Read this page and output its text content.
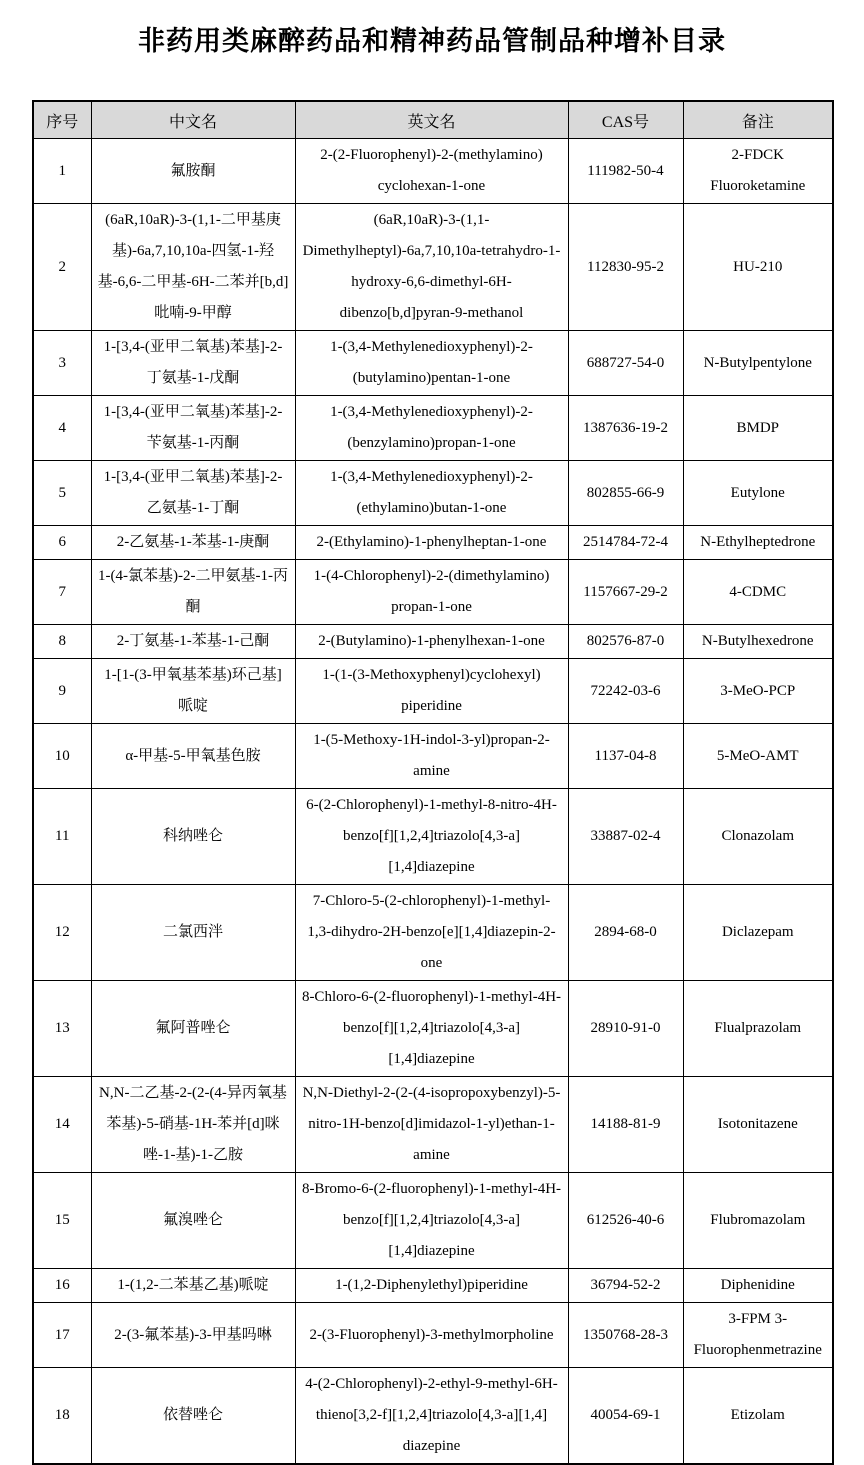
非药用类麻醉药品和精神药品管制品种增补目录
序号	中文名	英文名	CAS号	备注
1	氟胺酮	2-(2-Fluorophenyl)-2-(methylamino) cyclohexan-1-one	111982-50-4	2-FDCK Fluoroketamine
2	(6aR,10aR)-3-(1,1-二甲基庚基)-6a,7,10,10a-四氢-1-羟基-6,6-二甲基-6H-二苯并[b,d]吡喃-9-甲醇	(6aR,10aR)-3-(1,1-Dimethylheptyl)-6a,7,10,10a-tetrahydro-1-hydroxy-6,6-dimethyl-6H-dibenzo[b,d]pyran-9-methanol	112830-95-2	HU-210
3	1-[3,4-(亚甲二氧基)苯基]-2-丁氨基-1-戊酮	1-(3,4-Methylenedioxyphenyl)-2-(butylamino)pentan-1-one	688727-54-0	N-Butylpentylone
4	1-[3,4-(亚甲二氧基)苯基]-2-苄氨基-1-丙酮	1-(3,4-Methylenedioxyphenyl)-2-(benzylamino)propan-1-one	1387636-19-2	BMDP
5	1-[3,4-(亚甲二氧基)苯基]-2-乙氨基-1-丁酮	1-(3,4-Methylenedioxyphenyl)-2-(ethylamino)butan-1-one	802855-66-9	Eutylone
6	2-乙氨基-1-苯基-1-庚酮	2-(Ethylamino)-1-phenylheptan-1-one	2514784-72-4	N-Ethylheptedrone
7	1-(4-氯苯基)-2-二甲氨基-1-丙酮	1-(4-Chlorophenyl)-2-(dimethylamino) propan-1-one	1157667-29-2	4-CDMC
8	2-丁氨基-1-苯基-1-己酮	2-(Butylamino)-1-phenylhexan-1-one	802576-87-0	N-Butylhexedrone
9	1-[1-(3-甲氧基苯基)环己基]哌啶	1-(1-(3-Methoxyphenyl)cyclohexyl) piperidine	72242-03-6	3-MeO-PCP
10	α-甲基-5-甲氧基色胺	1-(5-Methoxy-1H-indol-3-yl)propan-2-amine	1137-04-8	5-MeO-AMT
11	科纳唑仑	6-(2-Chlorophenyl)-1-methyl-8-nitro-4H-benzo[f][1,2,4]triazolo[4,3-a][1,4]diazepine	33887-02-4	Clonazolam
12	二氯西泮	7-Chloro-5-(2-chlorophenyl)-1-methyl-1,3-dihydro-2H-benzo[e][1,4]diazepin-2-one	2894-68-0	Diclazepam
13	氟阿普唑仑	8-Chloro-6-(2-fluorophenyl)-1-methyl-4H-benzo[f][1,2,4]triazolo[4,3-a][1,4]diazepine	28910-91-0	Flualprazolam
14	N,N-二乙基-2-(2-(4-异丙氧基苯基)-5-硝基-1H-苯并[d]咪唑-1-基)-1-乙胺	N,N-Diethyl-2-(2-(4-isopropoxybenzyl)-5-nitro-1H-benzo[d]imidazol-1-yl)ethan-1-amine	14188-81-9	Isotonitazene
15	氟溴唑仑	8-Bromo-6-(2-fluorophenyl)-1-methyl-4H-benzo[f][1,2,4]triazolo[4,3-a][1,4]diazepine	612526-40-6	Flubromazolam
16	1-(1,2-二苯基乙基)哌啶	1-(1,2-Diphenylethyl)piperidine	36794-52-2	Diphenidine
17	2-(3-氟苯基)-3-甲基吗啉	2-(3-Fluorophenyl)-3-methylmorpholine	1350768-28-3	3-FPM 3-Fluorophenmetrazine
18	依替唑仑	4-(2-Chlorophenyl)-2-ethyl-9-methyl-6H-thieno[3,2-f][1,2,4]triazolo[4,3-a][1,4] diazepine	40054-69-1	Etizolam
